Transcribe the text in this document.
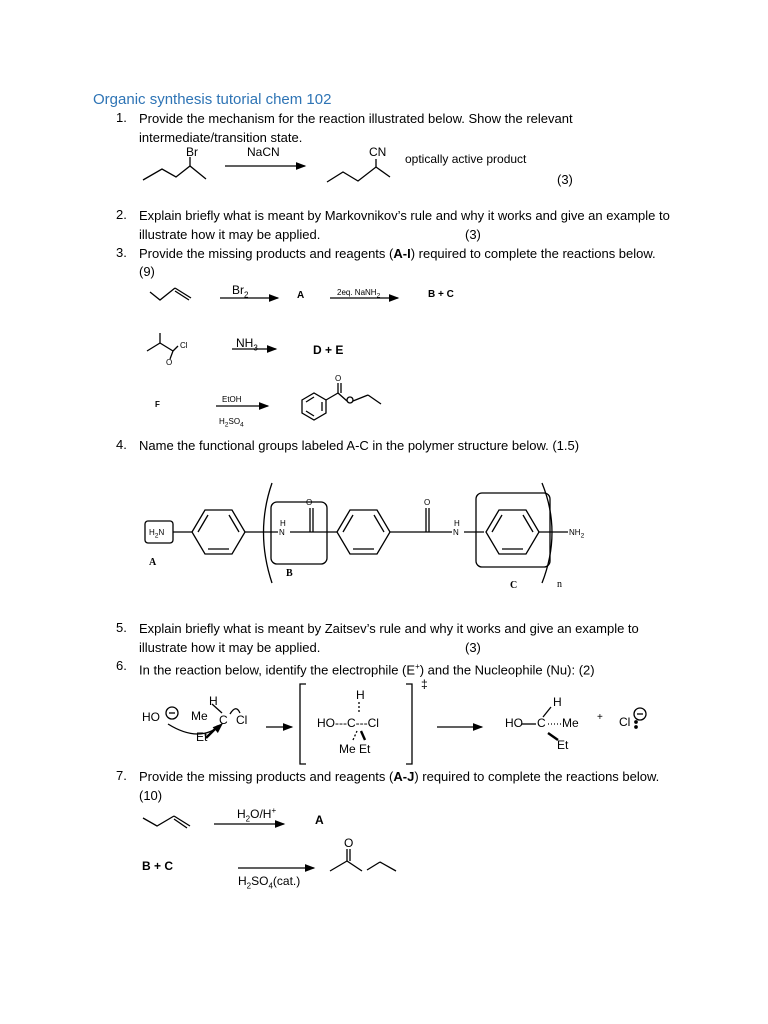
Organic synthesis tutorial chem 102
1. Provide the mechanism for the reaction illustrated below. Show the relevant
intermediate/transition state.
Br	NaCN	CN optically active product
(3)
2. Explain briefly what is meant by Markovnikov’s rule and why it works and give an example to
illustrate how it may be applied.	(3)
3. Provide the missing products and reagents (A-I) required to complete the reactions below.
(9)
$Br_2$	A	2eq. NaNH$_2$	B + C
Cl
O
$NH_3$	D + E
F
EtOH
$H_2SO_4$
O
4. Name the functional groups labeled A-C in the polymer structure below. (1.5)
$H_2N$
H
N
O	O
H
N	$NH_2$
A
B
C	n
5. Explain briefly what is meant by Zaitsev’s rule and why it works and give an example to
illustrate how it may be applied.	(3)
6. In the reaction below, identify the electrophile (E+) and the Nucleophile (Nu): (2)
HO
H
Me C Cl
Et
H
HO---C---Cl
Me Et
‡
H
HO C Me
Et
+ Cl
7. Provide the missing products and reagents (A-J) required to complete the reactions below.
(10)
$H_2O/H^+$
A
B + C
$H_2SO_4(cat.)$
O
